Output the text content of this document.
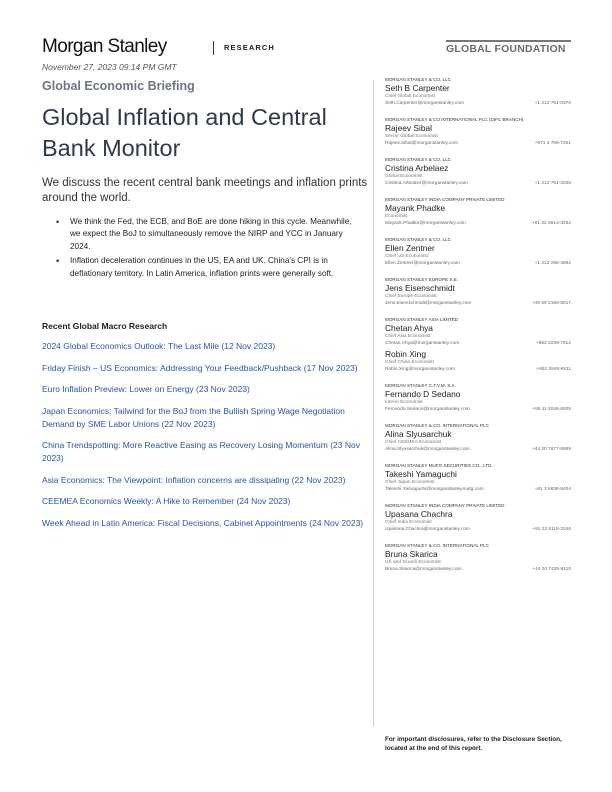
Morgan Stanley	RESEARCH	GLOBAL FOUNDATION
November 27, 2023 09:14 PM GMT
Global Economic Briefing
Global Inflation and Central Bank Monitor
We discuss the recent central bank meetings and inflation prints around the world.
• We think the Fed, the ECB, and BoE are done hiking in this cycle. Meanwhile, we expect the BoJ to simultaneously remove the NIRP and YCC in January 2024.
• Inflation deceleration continues in the US, EA and UK. China's CPI is in deflationary territory. In Latin America, inflation prints were generally soft.
Recent Global Macro Research
2024 Global Economics Outlook: The Last Mile (12 Nov 2023)
Friday Finish – US Economics: Addressing Your Feedback/Pushback (17 Nov 2023)
Euro Inflation Preview: Lower on Energy (23 Nov 2023)
Japan Economics: Tailwind for the BoJ from the Bullish Spring Wage Negotiation Demand by SME Labor Unions (22 Nov 2023)
China Trendspotting: More Reactive Easing as Recovery Losing Momentum (23 Nov 2023)
Asia Economics: The Viewpoint: Inflation concerns are dissipating (22 Nov 2023)
CEEMEA Economics Weekly: A Hike to Remember (24 Nov 2023)
Week Ahead in Latin America: Fiscal Decisions, Cabinet Appointments (24 Nov 2023)
MORGAN STANLEY & CO. LLC
Seth B Carpenter
Chief Global Economist
Seth.Carpenter@morganstanley.com	+1 212 761-0370
MORGAN STANLEY & CO INTERNATIONAL PLC (DIFC BRANCH)
Rajeev Sibal
Senior Global Economist
Rajeev.Sibal@morganstanley.com	+971 4 709-7201
MORGAN STANLEY & CO. LLC
Cristina Arbelaez
Global Economist
Cristina.Arbelaez@morganstanley.com	+1 212 761-2045
MORGAN STANLEY INDIA COMPANY PRIVATE LIMITED
Mayank Phadke
Economist
Mayank.Phadke@morganstanley.com	+91 22 6814-3452
MORGAN STANLEY & CO. LLC
Ellen Zentner
Chief US Economist
Ellen.Zentner@morganstanley.com	+1 212 296-4882
MORGAN STANLEY EUROPE S.E.
Jens Eisenschmidt
Chief Europe Economist
Jens.Eisenschmidt@morganstanley.com	+49 69 2166-8017
MORGAN STANLEY ASIA LIMITED
Chetan Ahya
Chief Asia Economist
Chetan.Ahya@morganstanley.com	+852 2239-7812
Robin Xing
Chief China Economist
Robin.Xing@morganstanley.com	+852 2848-6511
MORGAN STANLEY C.T.V.M. S.A.
Fernando D Sedano
LatAm Economist
Fernando.Sedano@morganstanley.com	+55 11 3048-6505
MORGAN STANLEY & CO. INTERNATIONAL PLC
Alina Slyusarchuk
Chief CEEMEA Economist
Alina.Slyusarchuk@morganstanley.com	+44 20 7677-6869
MORGAN STANLEY MUFG SECURITIES CO., LTD.
Takeshi Yamaguchi
Chief Japan Economist
Takeshi.Yamaguchi@morganstanleymufg.com	+81 3 6836-5404
MORGAN STANLEY INDIA COMPANY PRIVATE LIMITED
Upasana Chachra
Chief India Economist
Upasana.Chachra@morganstanley.com	+91 22 6118-2246
MORGAN STANLEY & CO. INTERNATIONAL PLC
Bruna Skarica
UK and Scandi Economist
Bruna.Skarica@morganstanley.com	+44 20 7425-9110
For important disclosures, refer to the Disclosure Section, located at the end of this report.
